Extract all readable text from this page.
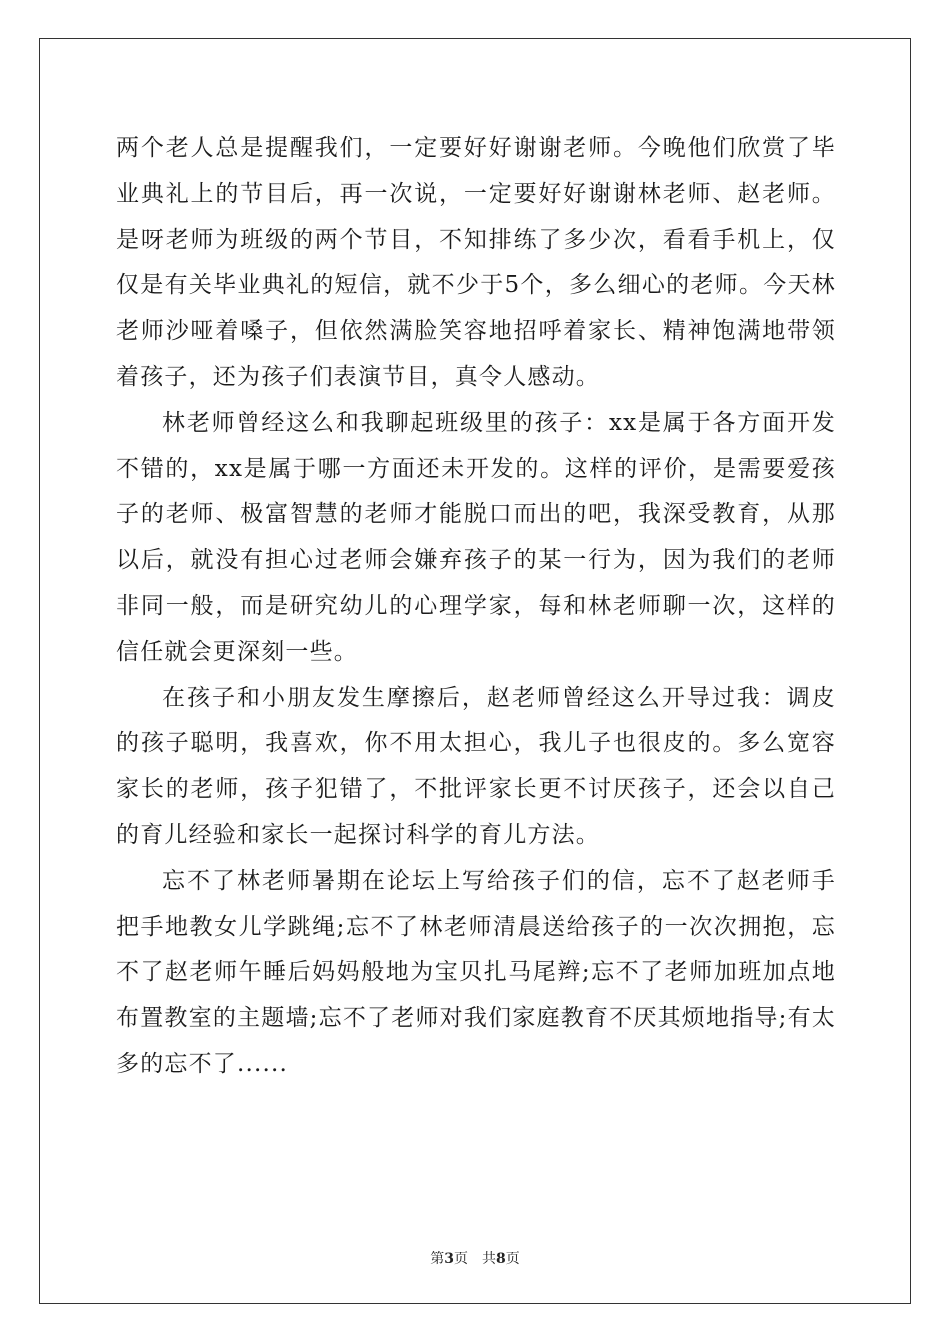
两个老人总是提醒我们，一定要好好谢谢老师。今晚他们欣赏了毕业典礼上的节目后，再一次说，一定要好好谢谢林老师、赵老师。是呀老师为班级的两个节目，不知排练了多少次，看看手机上，仅仅是有关毕业典礼的短信，就不少于5个，多么细心的老师。今天林老师沙哑着嗓子，但依然满脸笑容地招呼着家长、精神饱满地带领着孩子，还为孩子们表演节目，真令人感动。

林老师曾经这么和我聊起班级里的孩子：xx是属于各方面开发不错的，xx是属于哪一方面还未开发的。这样的评价，是需要爱孩子的老师、极富智慧的老师才能脱口而出的吧，我深受教育，从那以后，就没有担心过老师会嫌弃孩子的某一行为，因为我们的老师非同一般，而是研究幼儿的心理学家，每和林老师聊一次，这样的信任就会更深刻一些。

在孩子和小朋友发生摩擦后，赵老师曾经这么开导过我：调皮的孩子聪明，我喜欢，你不用太担心，我儿子也很皮的。多么宽容家长的老师，孩子犯错了，不批评家长更不讨厌孩子，还会以自己的育儿经验和家长一起探讨科学的育儿方法。

忘不了林老师暑期在论坛上写给孩子们的信，忘不了赵老师手把手地教女儿学跳绳;忘不了林老师清晨送给孩子的一次次拥抱，忘不了赵老师午睡后妈妈般地为宝贝扎马尾辫;忘不了老师加班加点地布置教室的主题墙;忘不了老师对我们家庭教育不厌其烦地指导;有太多的忘不了......

第3页 共8页
